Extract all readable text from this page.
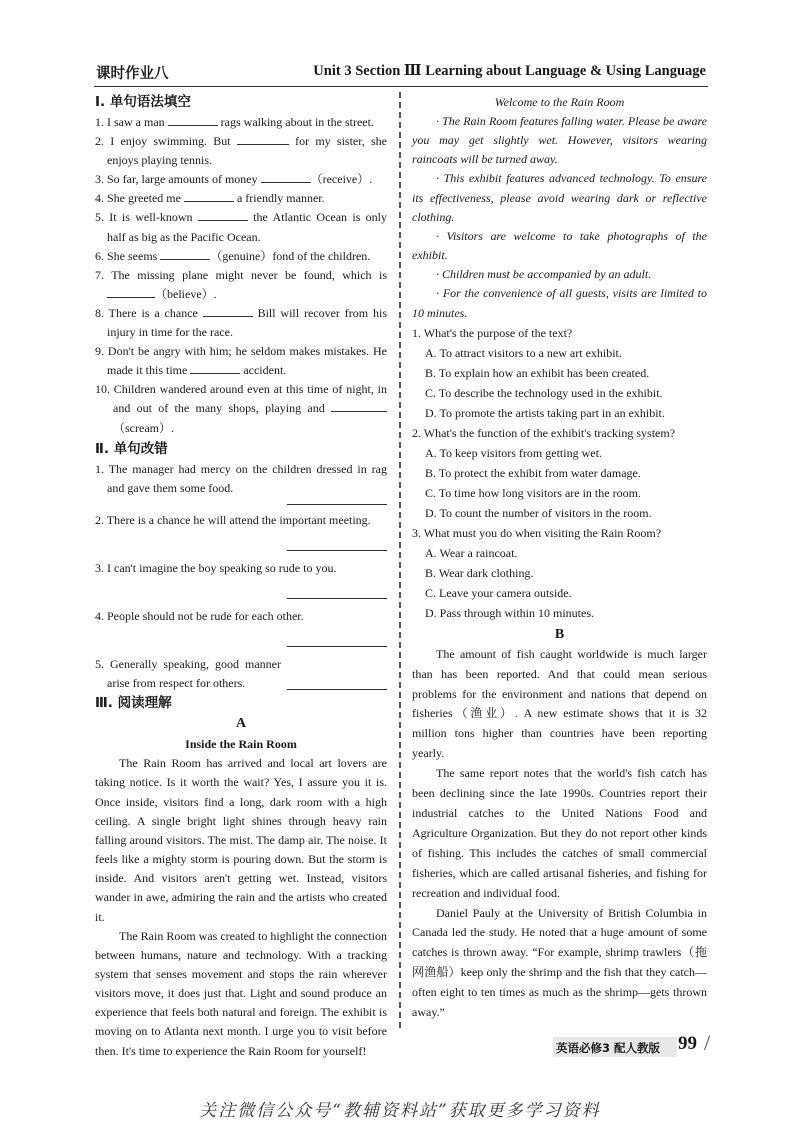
课时作业八	Unit 3 Section Ⅲ Learning about Language & Using Language
Ⅰ. 单句语法填空
1. I saw a man	rags walking about in the street.
2. I enjoy swimming. But	for my sister, she enjoys playing tennis.
3. So far, large amounts of money	（receive）.
4. She greeted me	a friendly manner.
5. It is well-known	the Atlantic Ocean is only half as big as the Pacific Ocean.
6. She seems	（genuine）fond of the children.
7. The missing plane might never be found, which is （believe）.
8. There is a chance	Bill will recover from his injury in time for the race.
9. Don't be angry with him; he seldom makes mistakes. He made it this time	accident.
10. Children wandered around even at this time of night, in and out of the many shops, playing and （scream）.
Ⅱ. 单句改错
1. The manager had mercy on the children dressed in rag and gave them some food.
2. There is a chance he will attend the important meeting.
3. I can't imagine the boy speaking so rude to you.
4. People should not be rude for each other.
5. Generally speaking, good manner arise from respect for others.
Ⅲ. 阅读理解
A
Inside the Rain Room

The Rain Room has arrived and local art lovers are taking notice. Is it worth the wait? Yes, I assure you it is. Once inside, visitors find a long, dark room with a high ceiling. A single bright light shines through heavy rain falling around visitors. The mist. The damp air. The noise. It feels like a mighty storm is pouring down. But the storm is inside. And visitors aren't getting wet. Instead, visitors wander in awe, admiring the rain and the artists who created it.

The Rain Room was created to highlight the connection between humans, nature and technology. With a tracking system that senses movement and stops the rain wherever visitors move, it does just that. Light and sound produce an experience that feels both natural and foreign. The exhibit is moving on to Atlanta next month. I urge you to visit before then. It's time to experience the Rain Room for yourself!

Welcome to the Rain Room

· The Rain Room features falling water. Please be aware you may get slightly wet. However, visitors wearing raincoats will be turned away.

· This exhibit features advanced technology. To ensure its effectiveness, please avoid wearing dark or reflective clothing.

· Visitors are welcome to take photographs of the exhibit.

· Children must be accompanied by an adult.

· For the convenience of all guests, visits are limited to 10 minutes.

1. What's the purpose of the text?
A. To attract visitors to a new art exhibit.
B. To explain how an exhibit has been created.
C. To describe the technology used in the exhibit.
D. To promote the artists taking part in an exhibit.
2. What's the function of the exhibit's tracking system?
A. To keep visitors from getting wet.
B. To protect the exhibit from water damage.
C. To time how long visitors are in the room.
D. To count the number of visitors in the room.
3. What must you do when visiting the Rain Room?
A. Wear a raincoat.
B. Wear dark clothing.
C. Leave your camera outside.
D. Pass through within 10 minutes.
B

The amount of fish caught worldwide is much larger than has been reported. And that could mean serious problems for the environment and nations that depend on fisheries（渔业）. A new estimate shows that it is 32 million tons higher than countries have been reporting yearly.

The same report notes that the world's fish catch has been declining since the late 1990s. Countries report their industrial catches to the United Nations Food and Agriculture Organization. But they do not report other kinds of fishing. This includes the catches of small commercial fisheries, which are called artisanal fisheries, and fishing for recreation and individual food.

Daniel Pauly at the University of British Columbia in Canada led the study. He noted that a huge amount of some catches is thrown away. “For example, shrimp trawlers（拖网渔船）keep only the shrimp and the fish that they catch—often eight to ten times as much as the shrimp—gets thrown away.”

英语必修3 配人教版 99 /
关注微信公众号“教辅资料站”获取更多学习资料
